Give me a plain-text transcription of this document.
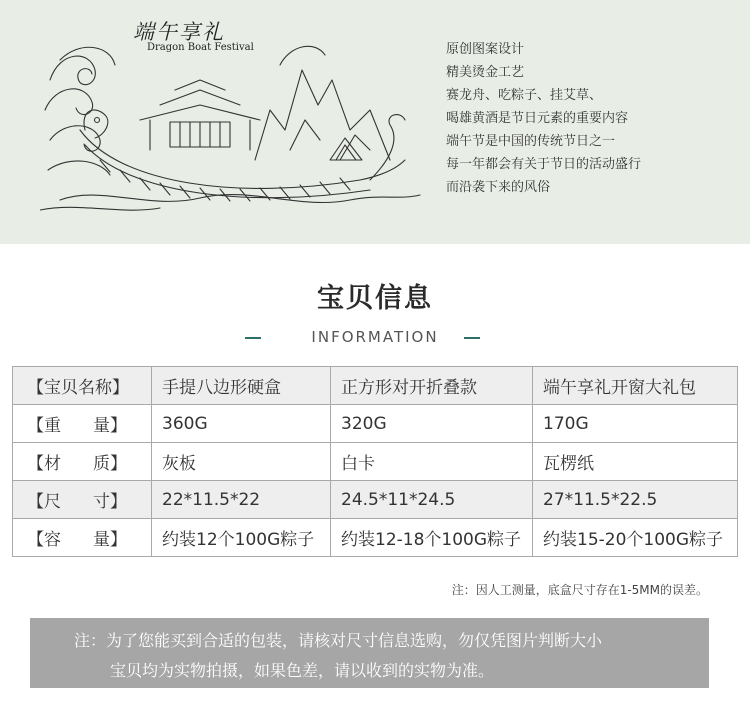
端午享礼
Dragon Boat Festival	原创图案设计
精美烫金工艺
赛龙舟、吃粽子、挂艾草、
喝雄黄酒是节日元素的重要内容
端午节是中国的传统节日之一
每一年都会有关于节日的活动盛行
而沿袭下来的风俗
宝贝信息
INFORMATION
【宝贝名称】	手提八边形硬盒	正方形对开折叠款	端午享礼开窗大礼包

【重 量】	360G	320G	170G

【材 质】	灰板	白卡	瓦楞纸

【尺 寸】	22*11.5*22	24.5*11*24.5	27*11.5*22.5

【容 量】	约装12个100G粽子	约装12-18个100G粽子	约装15-20个100G粽子
注：因人工测量，底盒尺寸存在1-5MM的误差。
注：为了您能买到合适的包装，请核对尺寸信息选购，勿仅凭图片判断大小
宝贝均为实物拍摄，如果色差，请以收到的实物为准。
